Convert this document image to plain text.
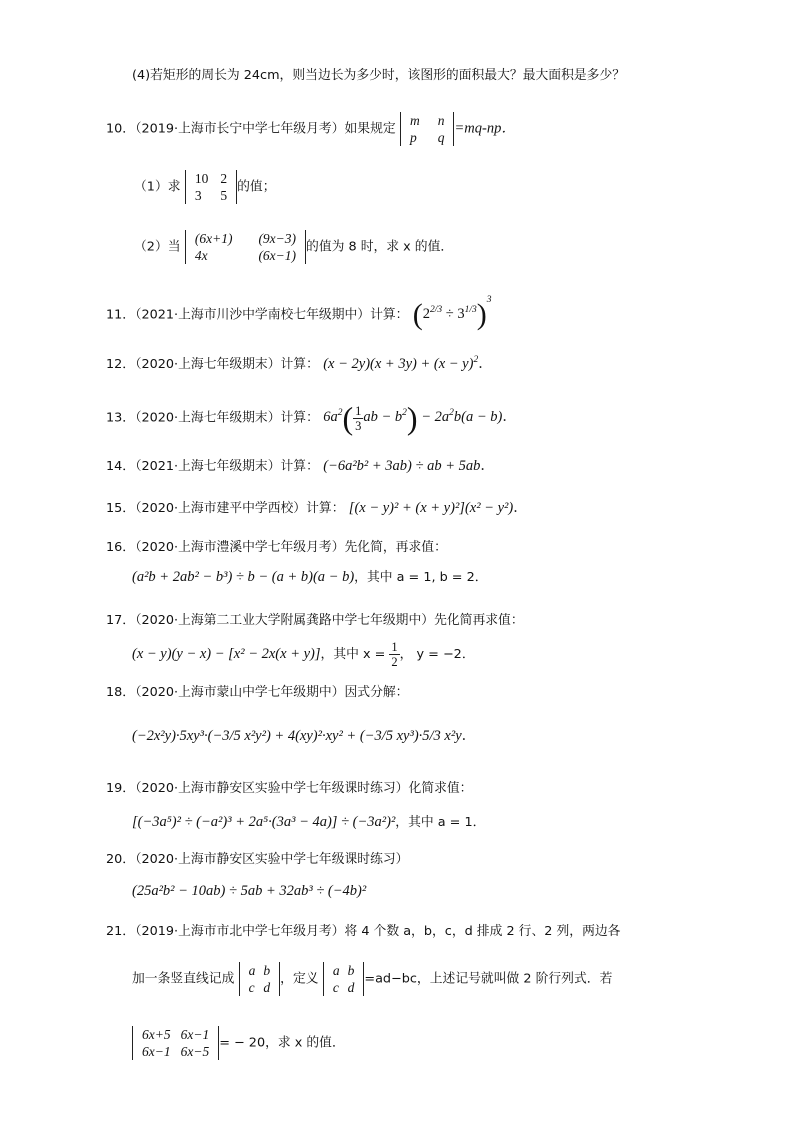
(4)若矩形的周长为 24cm，则当边长为多少时，该图形的面积最大？最大面积是多少？
10．（2019·上海市长宁中学七年级月考）如果规定
m	n
p	q
=mq-np．
（1）求
10	2
3	5
的值；
（2）当
(6x+1)	(9x−3)
4x	(6x−1)
的值为 8 时，求 x 的值．
11．（2021·上海市川沙中学南校七年级期中）计算： $(2^{2/3} \div 3^{1/3})^3$
12．（2020·上海七年级期末）计算： $(x - 2y)(x + 3y) + (x - y)^2$．
13．（2020·上海七年级期末）计算： $6a^2( \frac{1}{3}$ ab − $b^2) - 2a^2b(a - b)$．
14．（2021·上海七年级期末）计算： (−6a²b² + 3ab) ÷ ab + 5ab．
15．（2020·上海市建平中学西校）计算： [(x − y)² + (x + y)²](x² − y²)．
16．（2020·上海市澧溪中学七年级月考）先化简，再求值：
(a²b + 2ab² − b³) ÷ b − (a + b)(a − b)，其中 a = 1, b = 2．
17．（2020·上海第二工业大学附属龚路中学七年级期中）先化简再求值：
(x − y)(y − x) − [x² − 2x(x + y)]，其中 $x = \frac{1}{2}$ ， y = −2．
18．（2020·上海市蒙山中学七年级期中）因式分解：
(−2x²y)·5xy³·(−3/5 x²y²) + 4(xy)²·xy² + (−3/5 xy³)·5/3 x²y．
19．（2020·上海市静安区实验中学七年级课时练习）化简求值：
[(−3a⁵)² ÷ (−a²)³ + 2a⁵·(3a³ − 4a)] ÷ (−3a²)²，其中 a = 1．
20．（2020·上海市静安区实验中学七年级课时练习）
(25a²b² − 10ab) ÷ 5ab + 32ab³ ÷ (−4b)²
21．（2019·上海市市北中学七年级月考）将 4 个数 a，b，c，d 排成 2 行、2 列，两边各
加一条竖直线记成
a	b
c	d
，定义
a	b
c	d
=ad−bc，上述记号就叫做 2 阶行列式．若
6x+5	6x−1
6x−1	6x−5
= − 20，求 x 的值．
